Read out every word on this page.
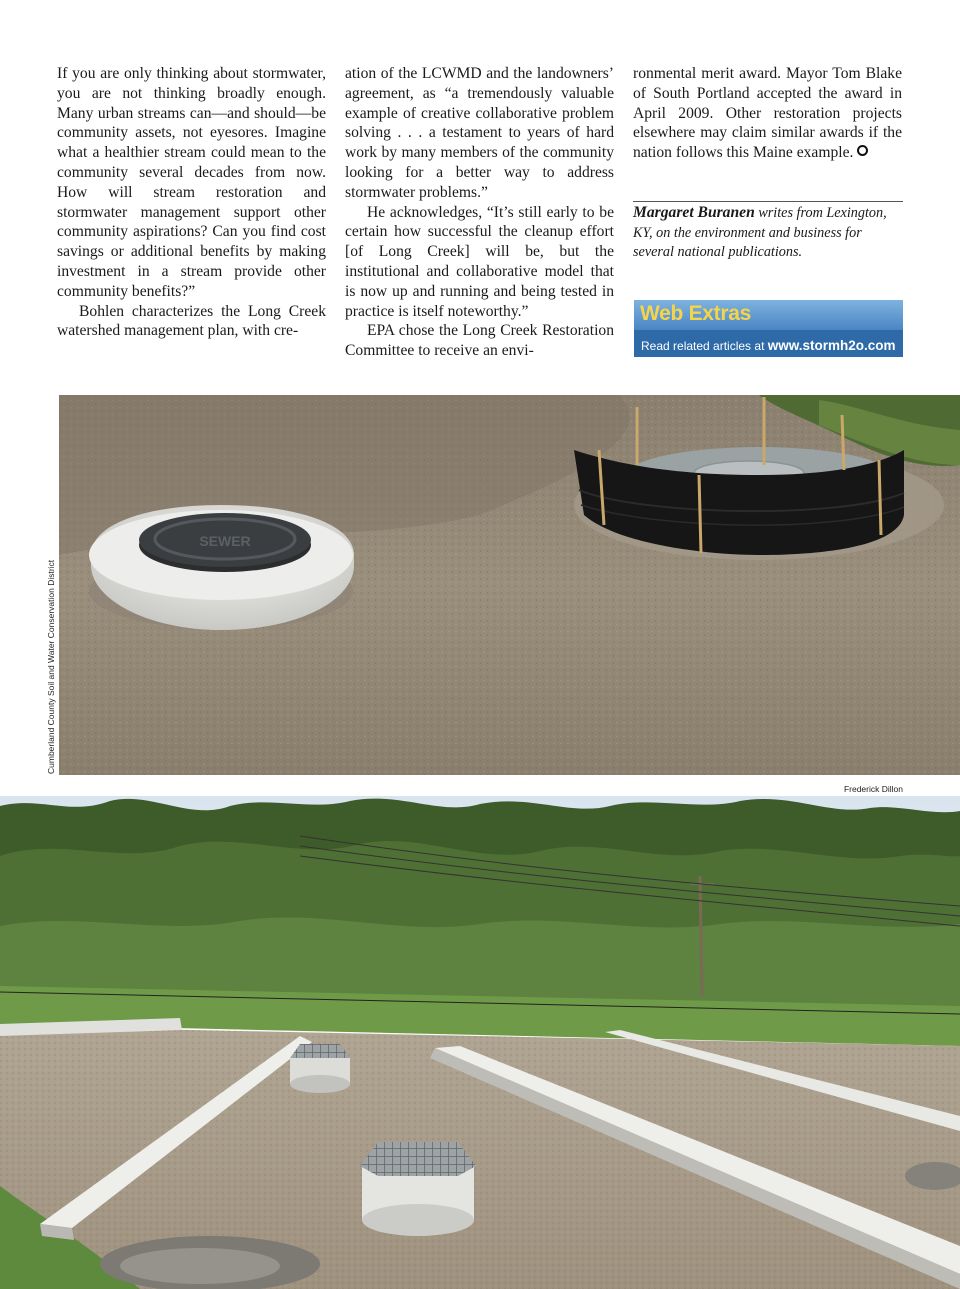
If you are only thinking about stormwater, you are not thinking broadly enough. Many urban streams can—and should—be community assets, not eyesores. Imagine what a healthier stream could mean to the community several decades from now. How will stream restoration and stormwater management support other community aspirations? Can you find cost savings or additional benefits by making investment in a stream provide other community benefits?”

Bohlen characterizes the Long Creek watershed management plan, with cre-

ation of the LCWMD and the landowners’ agreement, as “a tremendously valuable example of creative collaborative problem solving . . . a testament to years of hard work by many members of the community looking for a better way to address stormwater problems.”

He acknowledges, “It’s still early to be certain how successful the cleanup effort [of Long Creek] will be, but the institutional and collaborative model that is now up and running and being tested in practice is itself noteworthy.”

EPA chose the Long Creek Restoration Committee to receive an envi-

ronmental merit award. Mayor Tom Blake of South Portland accepted the award in April 2009. Other restoration projects elsewhere may claim similar awards if the nation follows this Maine example.

Margaret Buranen writes from Lexington, KY, on the environment and business for several national publications.
Web Extras
Read related articles at www.stormh2o.com
SEWER
Cumberland County Soil and Water Conservation District
Frederick Dillon
